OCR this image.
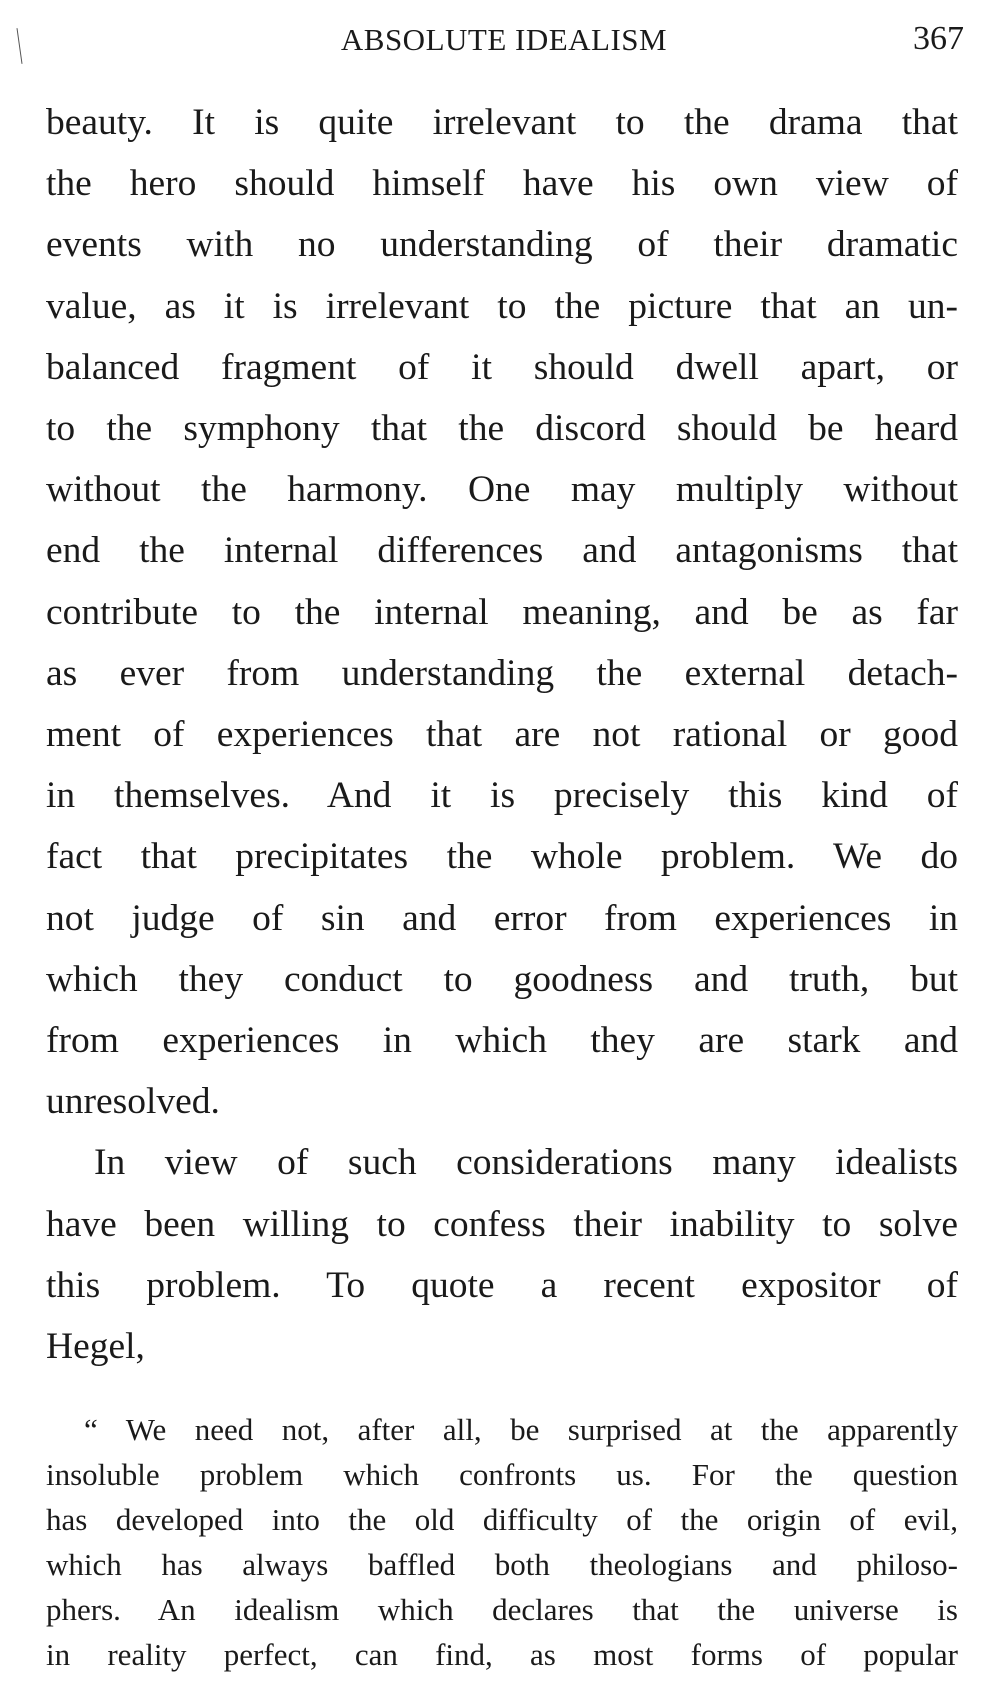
ABSOLUTE IDEALISM	367

beauty. It is quite irrelevant to the drama that
the hero should himself have his own view of
events with no understanding of their dramatic
value, as it is irrelevant to the picture that an un-
balanced fragment of it should dwell apart, or
to the symphony that the discord should be heard
without the harmony. One may multiply without
end the internal differences and antagonisms that
contribute to the internal meaning, and be as far
as ever from understanding the external detach-
ment of experiences that are not rational or good
in themselves. And it is precisely this kind of
fact that precipitates the whole problem. We do
not judge of sin and error from experiences in
which they conduct to goodness and truth, but
from experiences in which they are stark and
unresolved.

In view of such considerations many idealists
have been willing to confess their inability to solve
this problem. To quote a recent expositor of
Hegel,

“ We need not, after all, be surprised at the apparently
insoluble problem which confronts us. For the question
has developed into the old difficulty of the origin of evil,
which has always baffled both theologians and philoso-
phers. An idealism which declares that the universe is
in reality perfect, can find, as most forms of popular
